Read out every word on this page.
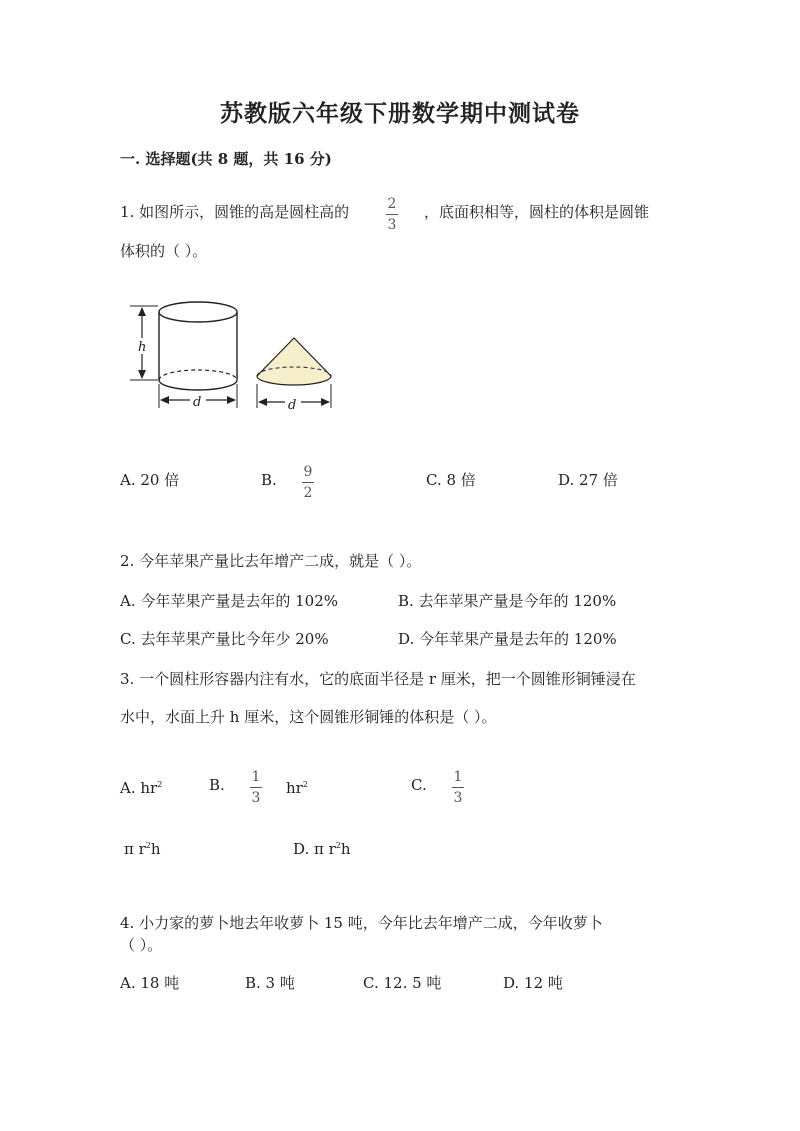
苏教版六年级下册数学期中测试卷
一. 选择题(共 8 题，共 16 分)
1. 如图所示，圆锥的高是圆柱高的	2
3
，底面积相等，圆柱的体积是圆锥
体积的（ ）。
h
d	d
A. 20 倍	B. 9
2
C. 8 倍	D. 27 倍
2. 今年苹果产量比去年增产二成，就是（ ）。
A. 今年苹果产量是去年的 102%	B. 去年苹果产量是今年的 120%
C. 去年苹果产量比今年少 20%	D. 今年苹果产量是去年的 120%
3. 一个圆柱形容器内注有水，它的底面半径是 r 厘米，把一个圆锥形铜锤浸在
水中，水面上升 h 厘米，这个圆锥形铜锤的体积是（ ）。
A. $hr^2$	B. 1
3
$hr^2$	C. 1
3
π $r^2h$	D. π $r^2h$
4. 小力家的萝卜地去年收萝卜 15 吨，今年比去年增产二成，今年收萝卜
（ ）。
A. 18 吨	B. 3 吨	C. 12. 5 吨	D. 12 吨
